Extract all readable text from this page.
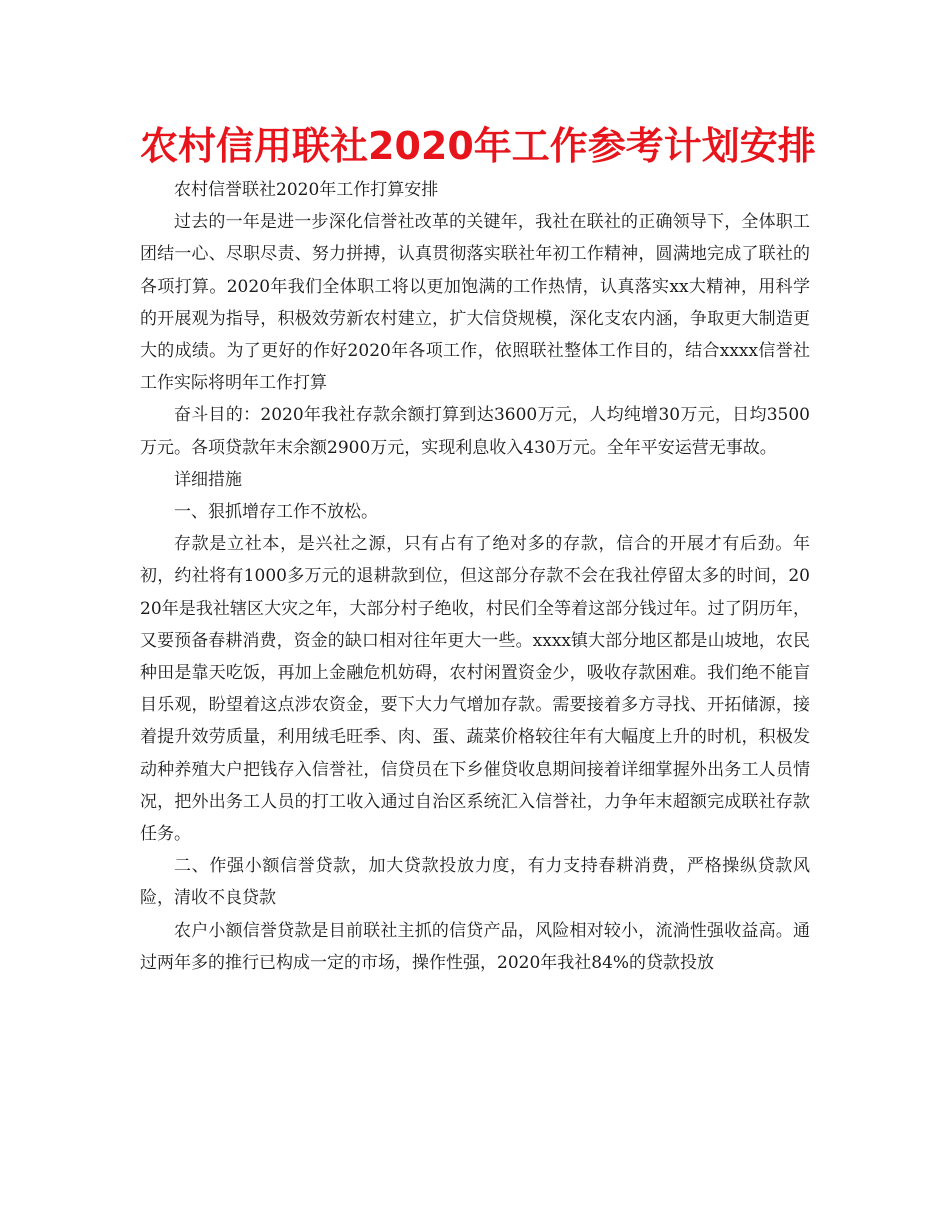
农村信用联社2020年工作参考计划安排

农村信誉联社2020年工作打算安排

过去的一年是进一步深化信誉社改革的关键年，我社在联社的正确领导下，全体职工团结一心、尽职尽责、努力拼搏，认真贯彻落实联社年初工作精神，圆满地完成了联社的各项打算。2020年我们全体职工将以更加饱满的工作热情，认真落实xx大精神，用科学的开展观为指导，积极效劳新农村建立，扩大信贷规模，深化支农内涵，争取更大制造更大的成绩。为了更好的作好2020年各项工作，依照联社整体工作目的，结合xxxx信誉社工作实际将明年工作打算

奋斗目的：2020年我社存款余额打算到达3600万元，人均纯增30万元，日均3500万元。各项贷款年末余额2900万元，实现利息收入430万元。全年平安运营无事故。

详细措施

一、狠抓增存工作不放松。

存款是立社本，是兴社之源，只有占有了绝对多的存款，信合的开展才有后劲。年初，约社将有1000多万元的退耕款到位，但这部分存款不会在我社停留太多的时间，2020年是我社辖区大灾之年，大部分村子绝收，村民们全等着这部分钱过年。过了阴历年，又要预备春耕消费，资金的缺口相对往年更大一些。xxxx镇大部分地区都是山坡地，农民种田是靠天吃饭，再加上金融危机妨碍，农村闲置资金少，吸收存款困难。我们绝不能盲目乐观，盼望着这点涉农资金，要下大力气增加存款。需要接着多方寻找、开拓储源，接着提升效劳质量，利用绒毛旺季、肉、蛋、蔬菜价格较往年有大幅度上升的时机，积极发动种养殖大户把钱存入信誉社，信贷员在下乡催贷收息期间接着详细掌握外出务工人员情况，把外出务工人员的打工收入通过自治区系统汇入信誉社，力争年末超额完成联社存款任务。

二、作强小额信誉贷款，加大贷款投放力度，有力支持春耕消费，严格操纵贷款风险，清收不良贷款

农户小额信誉贷款是目前联社主抓的信贷产品，风险相对较小，流淌性强收益高。通过两年多的推行已构成一定的市场，操作性强，2020年我社84%的贷款投放
